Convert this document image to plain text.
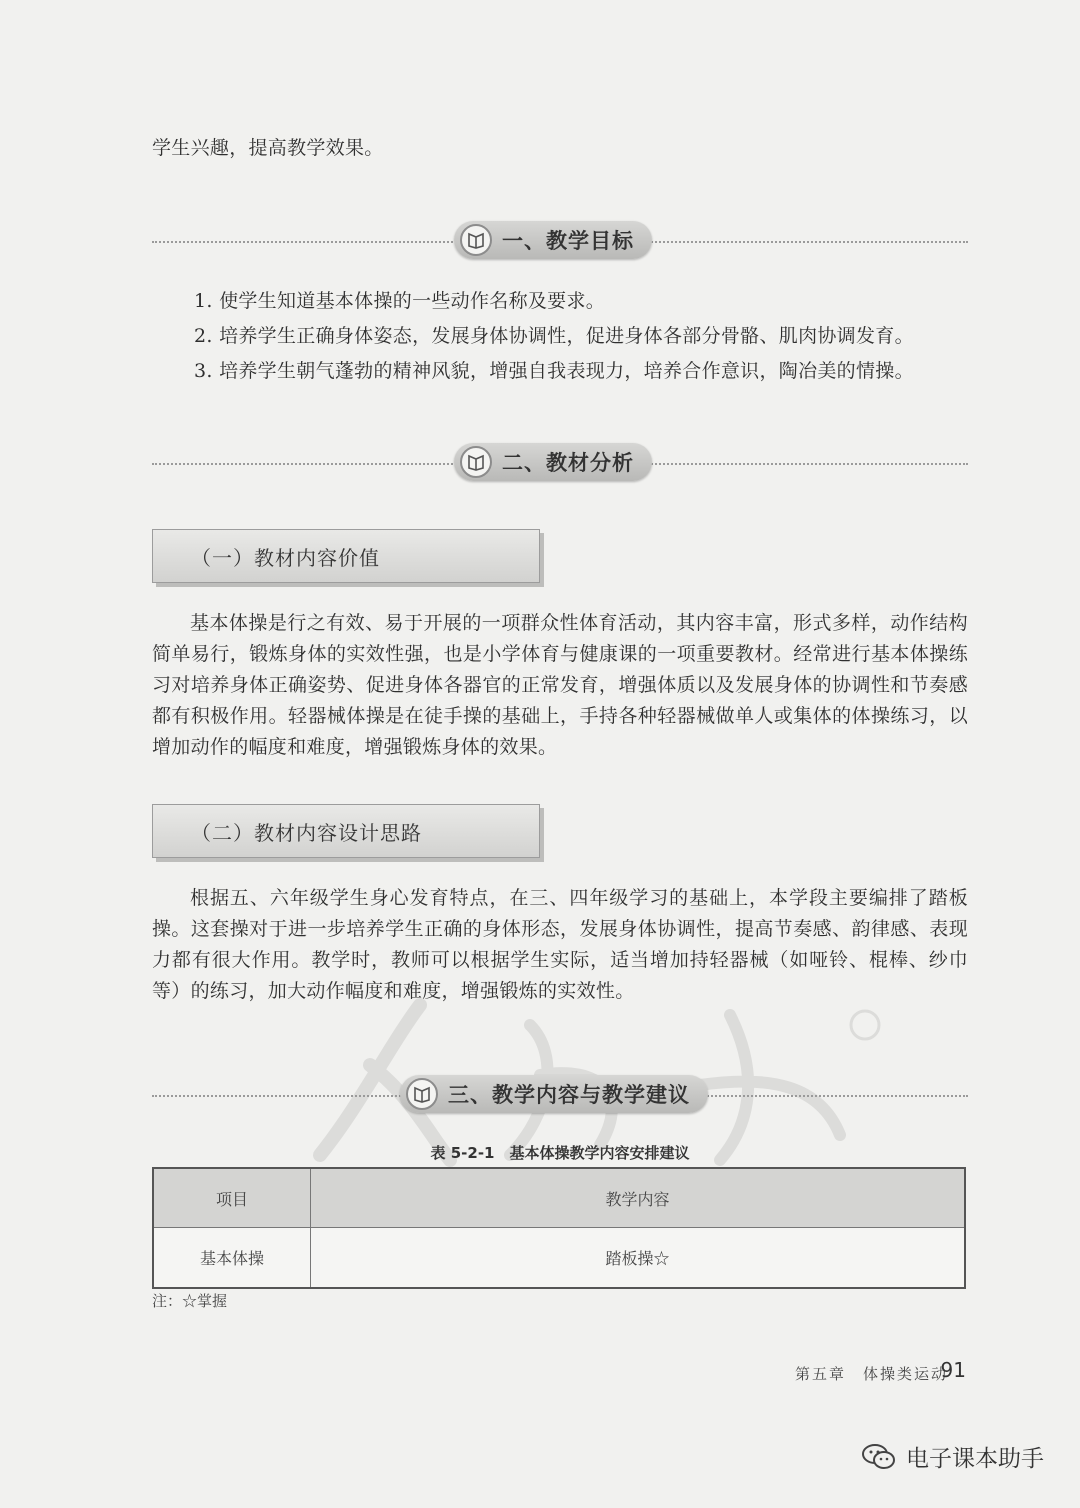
学生兴趣，提高教学效果。

一、教学目标
1. 使学生知道基本体操的一些动作名称及要求。
2. 培养学生正确身体姿态，发展身体协调性，促进身体各部分骨骼、肌肉协调发育。
3. 培养学生朝气蓬勃的精神风貌，增强自我表现力，培养合作意识，陶冶美的情操。
二、教材分析
（一）教材内容价值

基本体操是行之有效、易于开展的一项群众性体育活动，其内容丰富，形式多样，动作结构简单易行，锻炼身体的实效性强，也是小学体育与健康课的一项重要教材。经常进行基本体操练习对培养身体正确姿势、促进身体各器官的正常发育，增强体质以及发展身体的协调性和节奏感都有积极作用。轻器械体操是在徒手操的基础上，手持各种轻器械做单人或集体的体操练习，以增加动作的幅度和难度，增强锻炼身体的效果。

（二）教材内容设计思路

根据五、六年级学生身心发育特点，在三、四年级学习的基础上，本学段主要编排了踏板操。这套操对于进一步培养学生正确的身体形态，发展身体协调性，提高节奏感、韵律感、表现力都有很大作用。教学时，教师可以根据学生实际，适当增加持轻器械（如哑铃、棍棒、纱巾等）的练习，加大动作幅度和难度，增强锻炼的实效性。

三、教学内容与教学建议
表 5-2-1　基本体操教学内容安排建议
项目	教学内容
基本体操	踏板操☆
注：☆掌握
第五章　体操类运动
91
电子课本助手
